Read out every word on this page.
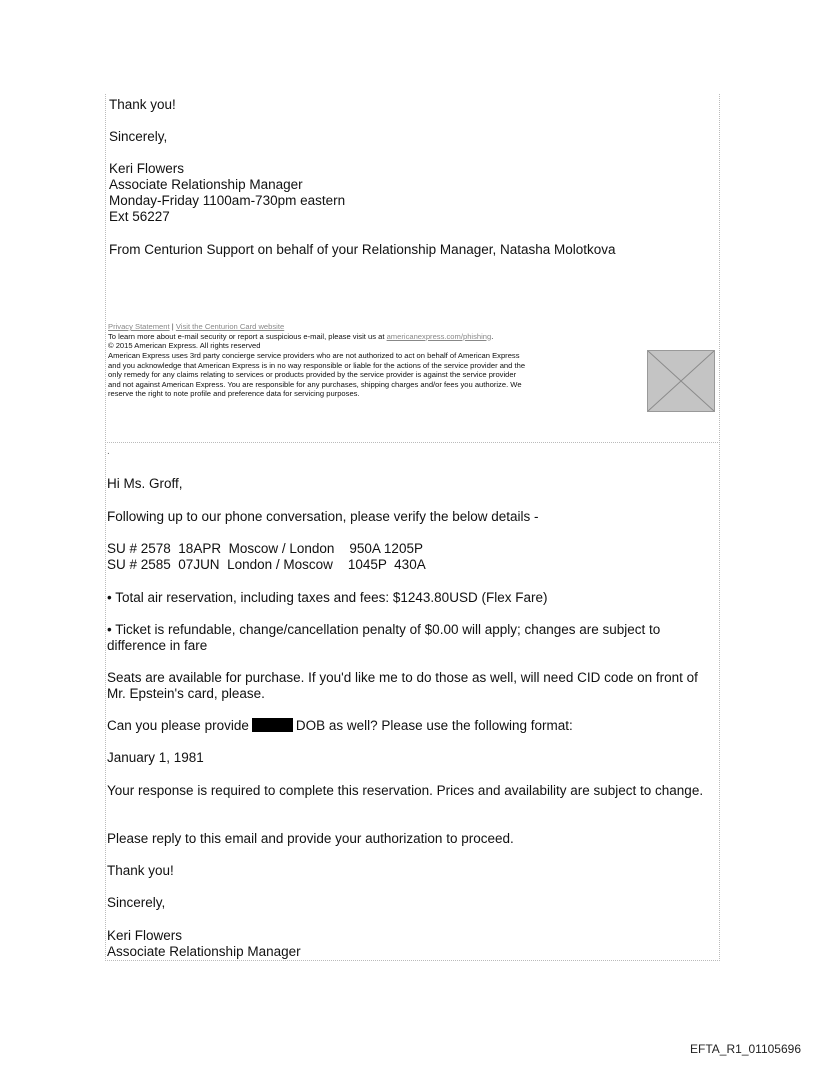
Thank you!
Sincerely,
Keri Flowers
Associate Relationship Manager
Monday-Friday 1100am-730pm eastern
Ext 56227
From Centurion Support on behalf of your Relationship Manager, Natasha Molotkova
Privacy Statement | Visit the Centurion Card website
To learn more about e-mail security or report a suspicious e-mail, please visit us at americanexpress.com/phishing.
© 2015 American Express. All rights reserved
American Express uses 3rd party concierge service providers who are not authorized to act on behalf of American Express
and you acknowledge that American Express is in no way responsible or liable for the actions of the service provider and the
only remedy for any claims relating to services or products provided by the service provider is against the service provider
and not against American Express. You are responsible for any purchases, shipping charges and/or fees you authorize. We
reserve the right to note profile and preference data for servicing purposes.
.
Hi Ms. Groff,
Following up to our phone conversation, please verify the below details -
SU # 2578  18APR  Moscow / London    950A 1205P
SU # 2585  07JUN  London / Moscow    1045P  430A
• Total air reservation, including taxes and fees: $1243.80USD (Flex Fare)
• Ticket is refundable, change/cancellation penalty of $0.00 will apply; changes are subject to difference in fare
Seats are available for purchase. If you'd like me to do those as well, will need CID code on front of Mr. Epstein's card, please.
Can you please provide	DOB as well? Please use the following format:
January 1, 1981
Your response is required to complete this reservation. Prices and availability are subject to change.
Please reply to this email and provide your authorization to proceed.
Thank you!
Sincerely,
Keri Flowers
Associate Relationship Manager
EFTA_R1_01105696
